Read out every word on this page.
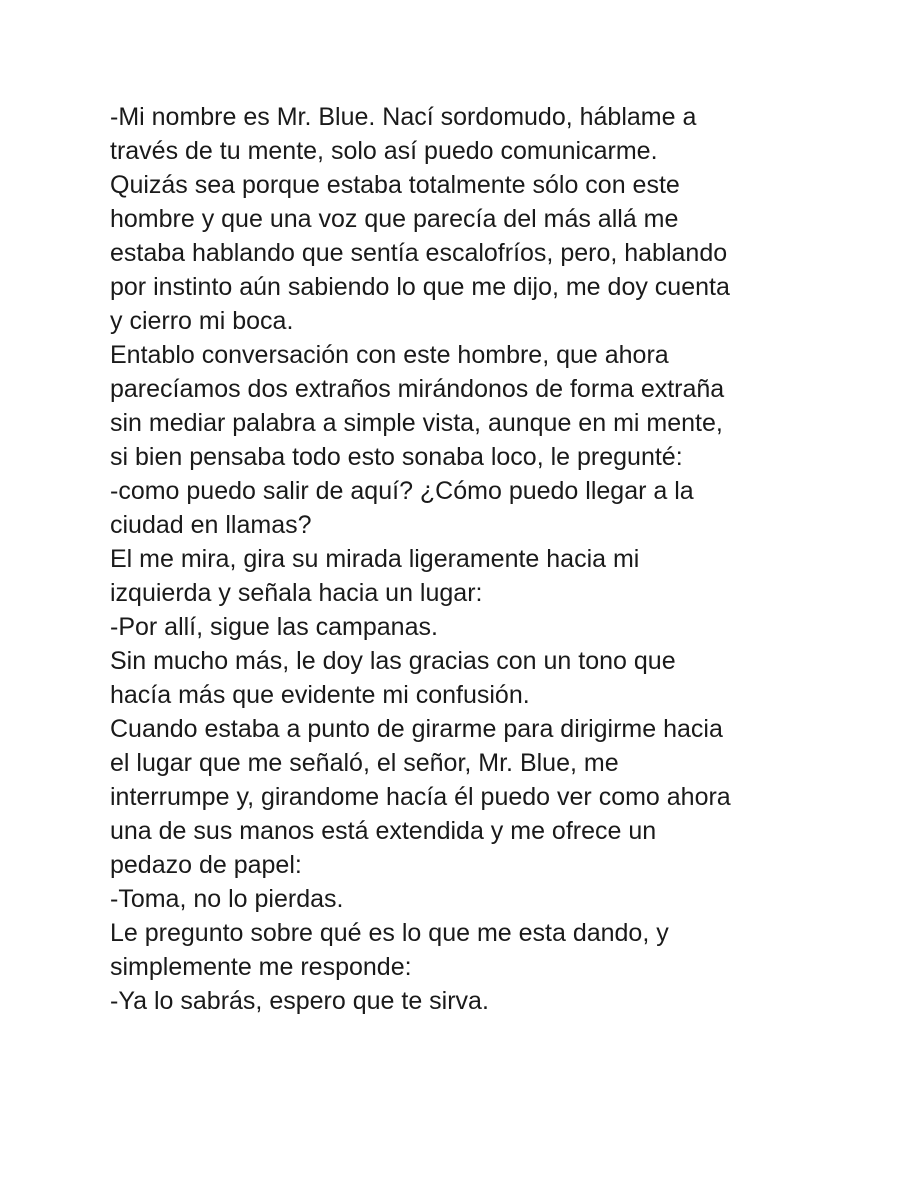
-Mi nombre es Mr. Blue. Nací sordomudo, háblame a
través de tu mente, solo así puedo comunicarme.
Quizás sea porque estaba totalmente sólo con este
hombre y que una voz que parecía del más allá me
estaba hablando que sentía escalofríos, pero, hablando
por instinto aún sabiendo lo que me dijo, me doy cuenta
y cierro mi boca.
Entablo conversación con este hombre, que ahora
parecíamos dos extraños mirándonos de forma extraña
sin mediar palabra a simple vista, aunque en mi mente,
si bien pensaba todo esto sonaba loco, le pregunté:
-como puedo salir de aquí? ¿Cómo puedo llegar a la
ciudad en llamas?
El me mira, gira su mirada ligeramente hacia mi
izquierda y señala hacia un lugar:
-Por allí, sigue las campanas.
Sin mucho más, le doy las gracias con un tono que
hacía más que evidente mi confusión.
Cuando estaba a punto de girarme para dirigirme hacia
el lugar que me señaló, el señor, Mr. Blue, me
interrumpe y, girandome hacía él puedo ver como ahora
una de sus manos está extendida y me ofrece un
pedazo de papel:
-Toma, no lo pierdas.
Le pregunto sobre qué es lo que me esta dando, y
simplemente me responde:
-Ya lo sabrás, espero que te sirva.
